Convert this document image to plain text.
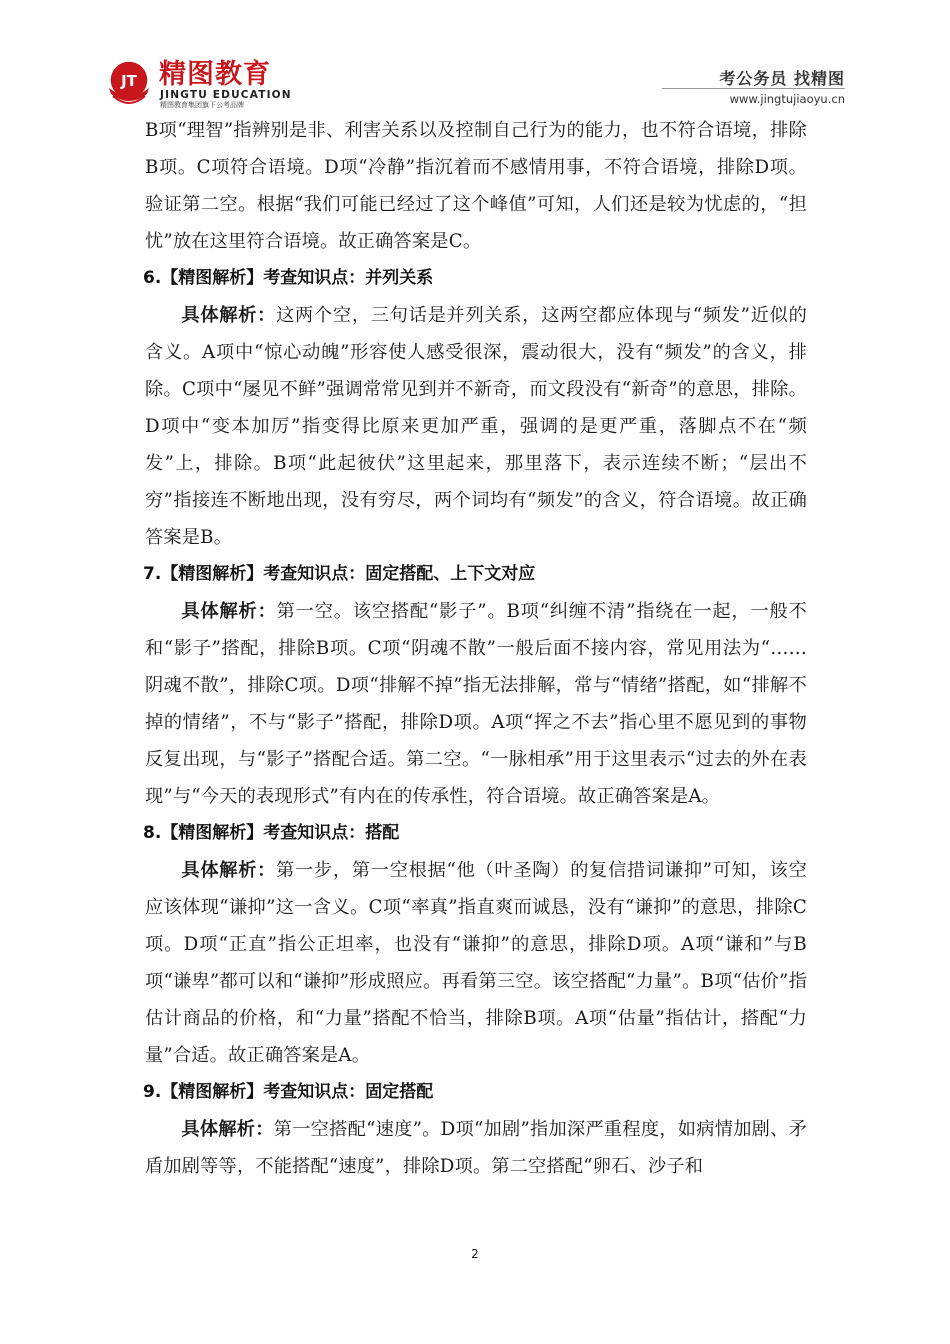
JT 精图教育
JINGTU EDUCATION
精图教育集团旗下公考品牌
考公务员 找精图
www.jingtujiaoyu.cn

B项“理智”指辨别是非、利害关系以及控制自己行为的能力，也不符合语境，排除B项。C项符合语境。D项“冷静”指沉着而不感情用事，不符合语境，排除D项。验证第二空。根据“我们可能已经过了这个峰值”可知，人们还是较为忧虑的，“担忧”放在这里符合语境。故正确答案是C。

6.【精图解析】考查知识点：并列关系

具体解析：这两个空，三句话是并列关系，这两空都应体现与“频发”近似的含义。A项中“惊心动魄”形容使人感受很深，震动很大，没有“频发”的含义，排除。C项中“屡见不鲜”强调常常见到并不新奇，而文段没有“新奇”的意思，排除。D项中“变本加厉”指变得比原来更加严重，强调的是更严重，落脚点不在“频发”上，排除。B项“此起彼伏”这里起来，那里落下，表示连续不断；“层出不穷”指接连不断地出现，没有穷尽，两个词均有“频发”的含义，符合语境。故正确答案是B。

7.【精图解析】考查知识点：固定搭配、上下文对应

具体解析：第一空。该空搭配“影子”。B项“纠缠不清”指绕在一起，一般不和“影子”搭配，排除B项。C项“阴魂不散”一般后面不接内容，常见用法为“……阴魂不散”，排除C项。D项“排解不掉”指无法排解，常与“情绪”搭配，如“排解不掉的情绪”，不与“影子”搭配，排除D项。A项“挥之不去”指心里不愿见到的事物反复出现，与“影子”搭配合适。第二空。“一脉相承”用于这里表示“过去的外在表现”与“今天的表现形式”有内在的传承性，符合语境。故正确答案是A。

8.【精图解析】考查知识点：搭配

具体解析：第一步，第一空根据“他（叶圣陶）的复信措词谦抑”可知，该空应该体现“谦抑”这一含义。C项“率真”指直爽而诚恳，没有“谦抑”的意思，排除C项。D项“正直”指公正坦率，也没有“谦抑”的意思，排除D项。A项“谦和”与B项“谦卑”都可以和“谦抑”形成照应。再看第三空。该空搭配“力量”。B项“估价”指估计商品的价格，和“力量”搭配不恰当，排除B项。A项“估量”指估计，搭配“力量”合适。故正确答案是A。

9.【精图解析】考查知识点：固定搭配

具体解析：第一空搭配“速度”。D项“加剧”指加深严重程度，如病情加剧、矛盾加剧等等，不能搭配“速度”，排除D项。第二空搭配“卵石、沙子和

2
